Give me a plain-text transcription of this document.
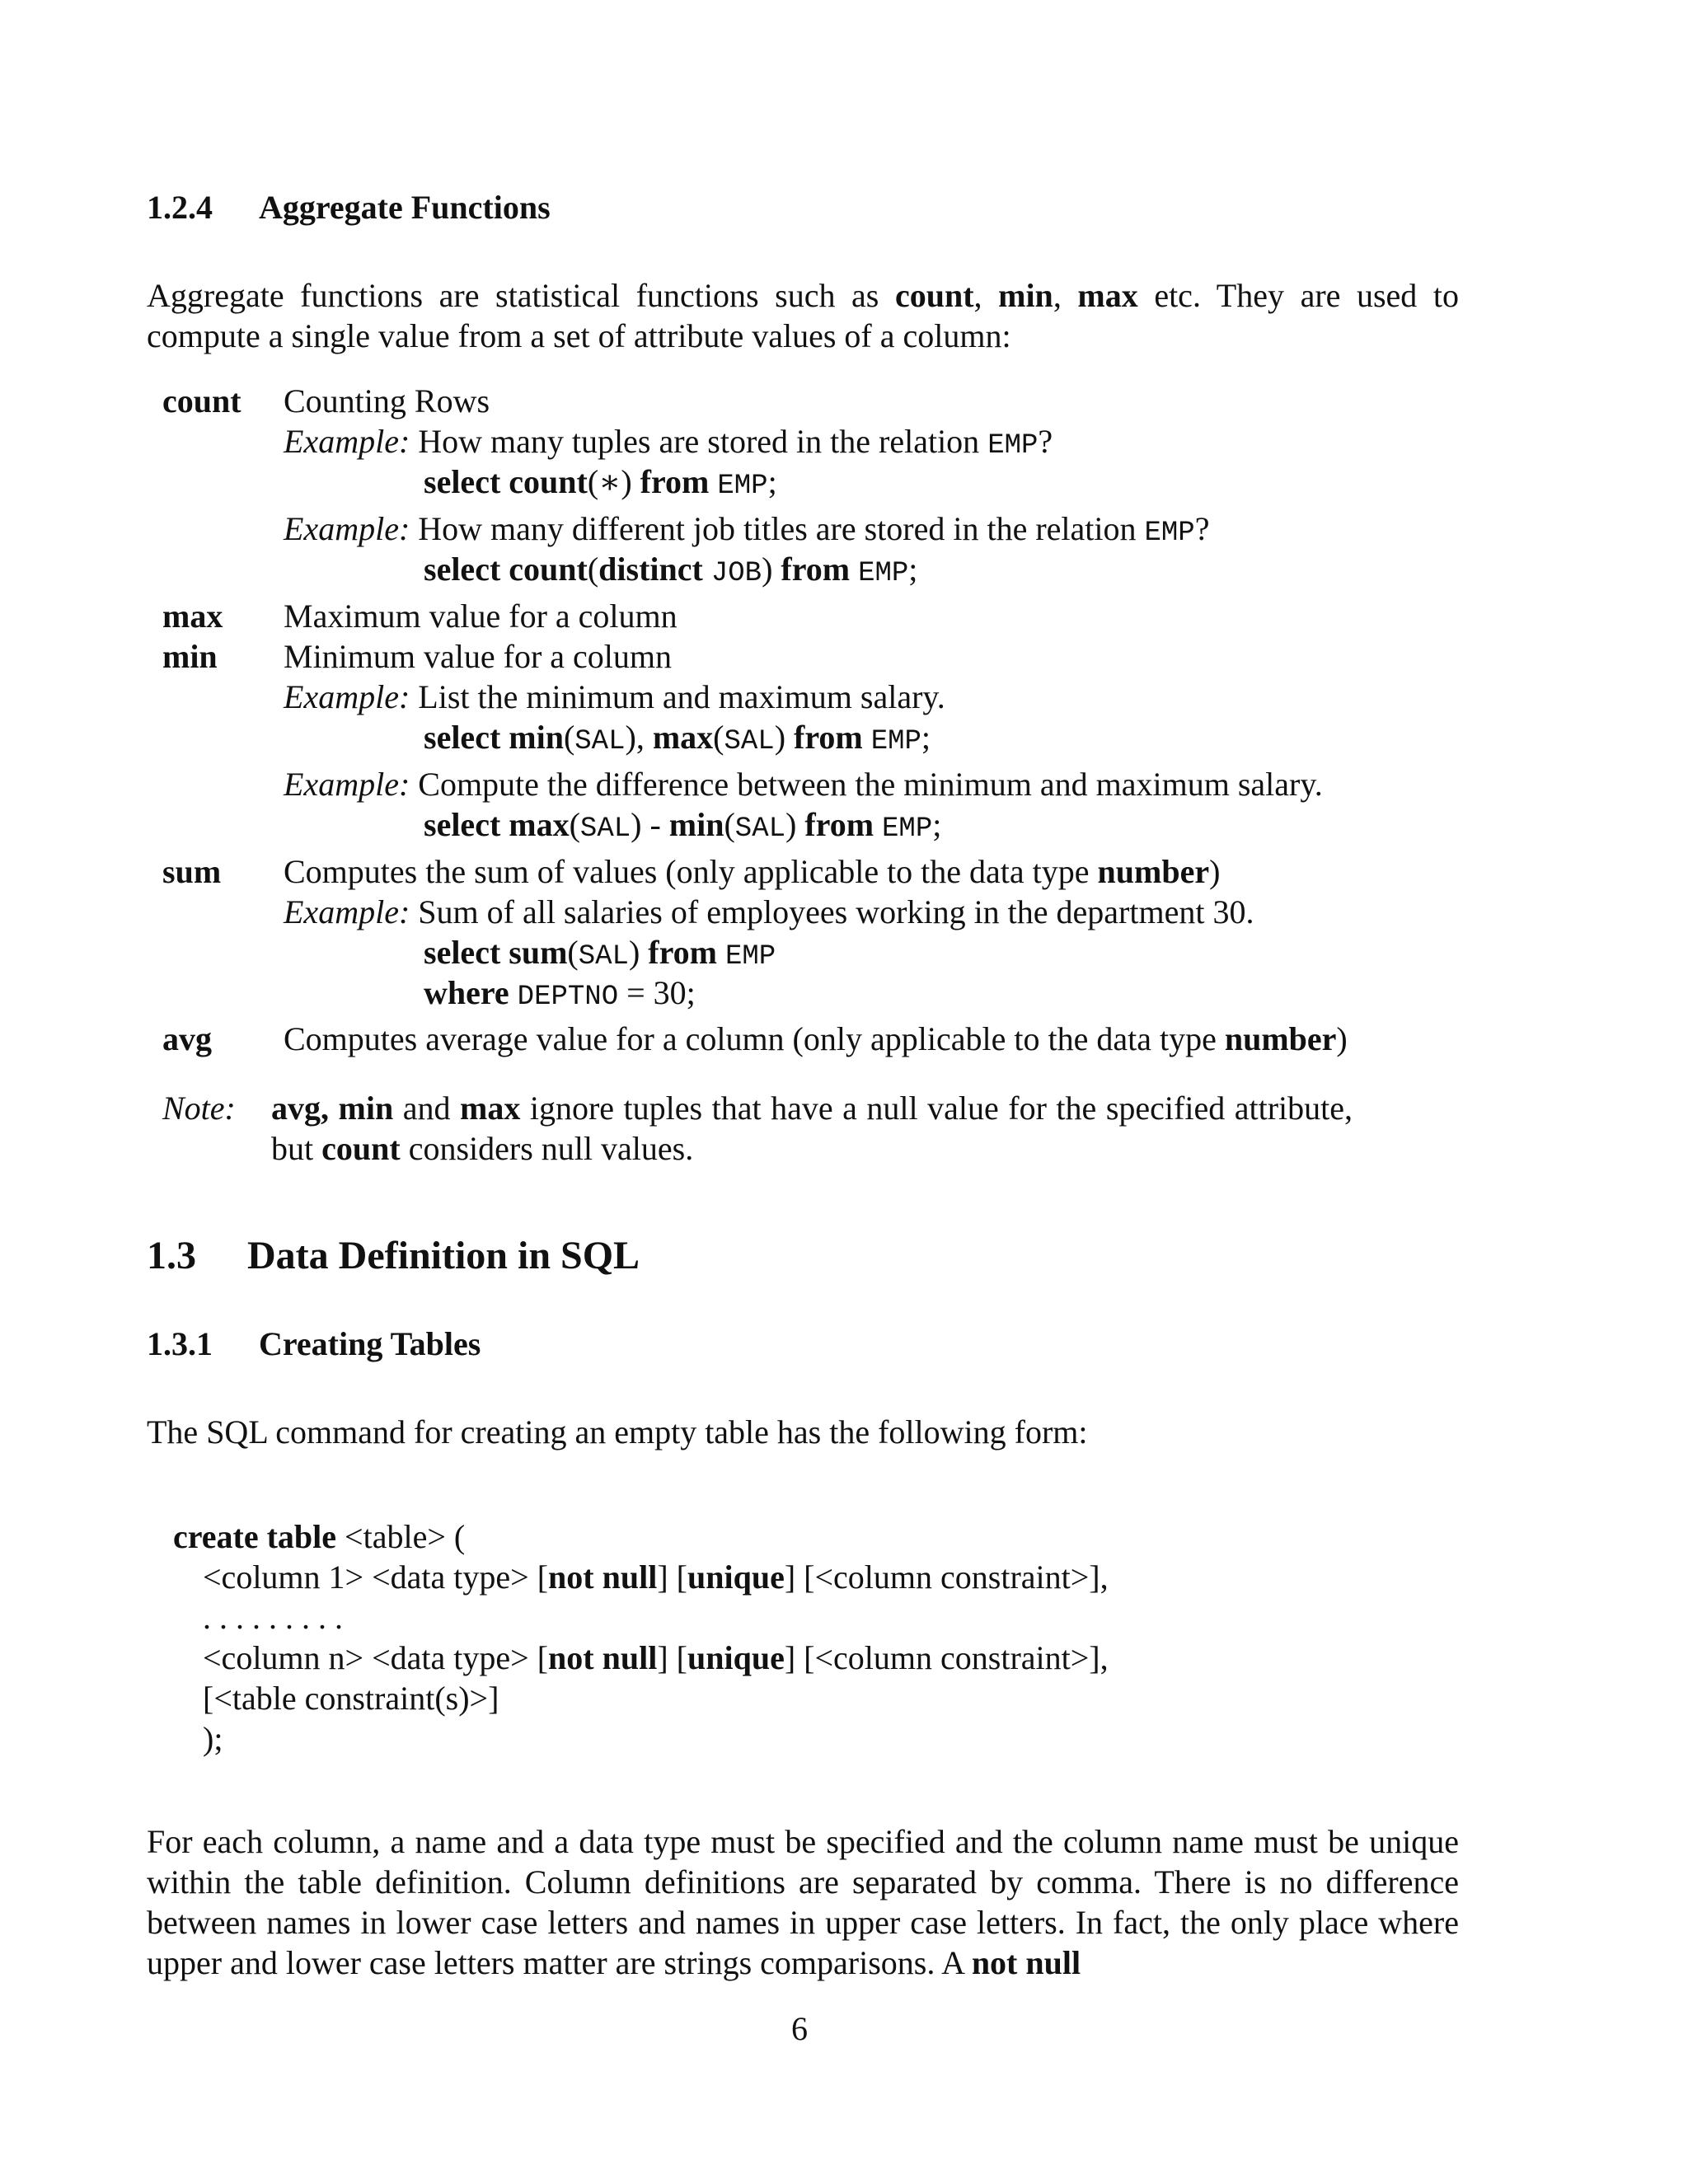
1.2.4 Aggregate Functions
Aggregate functions are statistical functions such as count, min, max etc. They are used to compute a single value from a set of attribute values of a column:
count Counting Rows
Example: How many tuples are stored in the relation EMP?
select count(∗) from EMP;
Example: How many different job titles are stored in the relation EMP?
select count(distinct JOB) from EMP;
max Maximum value for a column
min Minimum value for a column
Example: List the minimum and maximum salary.
select min(SAL), max(SAL) from EMP;
Example: Compute the difference between the minimum and maximum salary.
select max(SAL) - min(SAL) from EMP;
sum Computes the sum of values (only applicable to the data type number)
Example: Sum of all salaries of employees working in the department 30.
select sum(SAL) from EMP
where DEPTNO = 30;
avg Computes average value for a column (only applicable to the data type number)
Note: avg, min and max ignore tuples that have a null value for the specified attribute, but count considers null values.
1.3 Data Definition in SQL
1.3.1 Creating Tables
The SQL command for creating an empty table has the following form:
create table <table> (
<column 1> <data type> [not null] [unique] [<column constraint>],
. . . . . . . . .
<column n> <data type> [not null] [unique] [<column constraint>],
[<table constraint(s)>]
);
For each column, a name and a data type must be specified and the column name must be unique within the table definition. Column definitions are separated by comma. There is no difference between names in lower case letters and names in upper case letters. In fact, the only place where upper and lower case letters matter are strings comparisons. A not null
6
